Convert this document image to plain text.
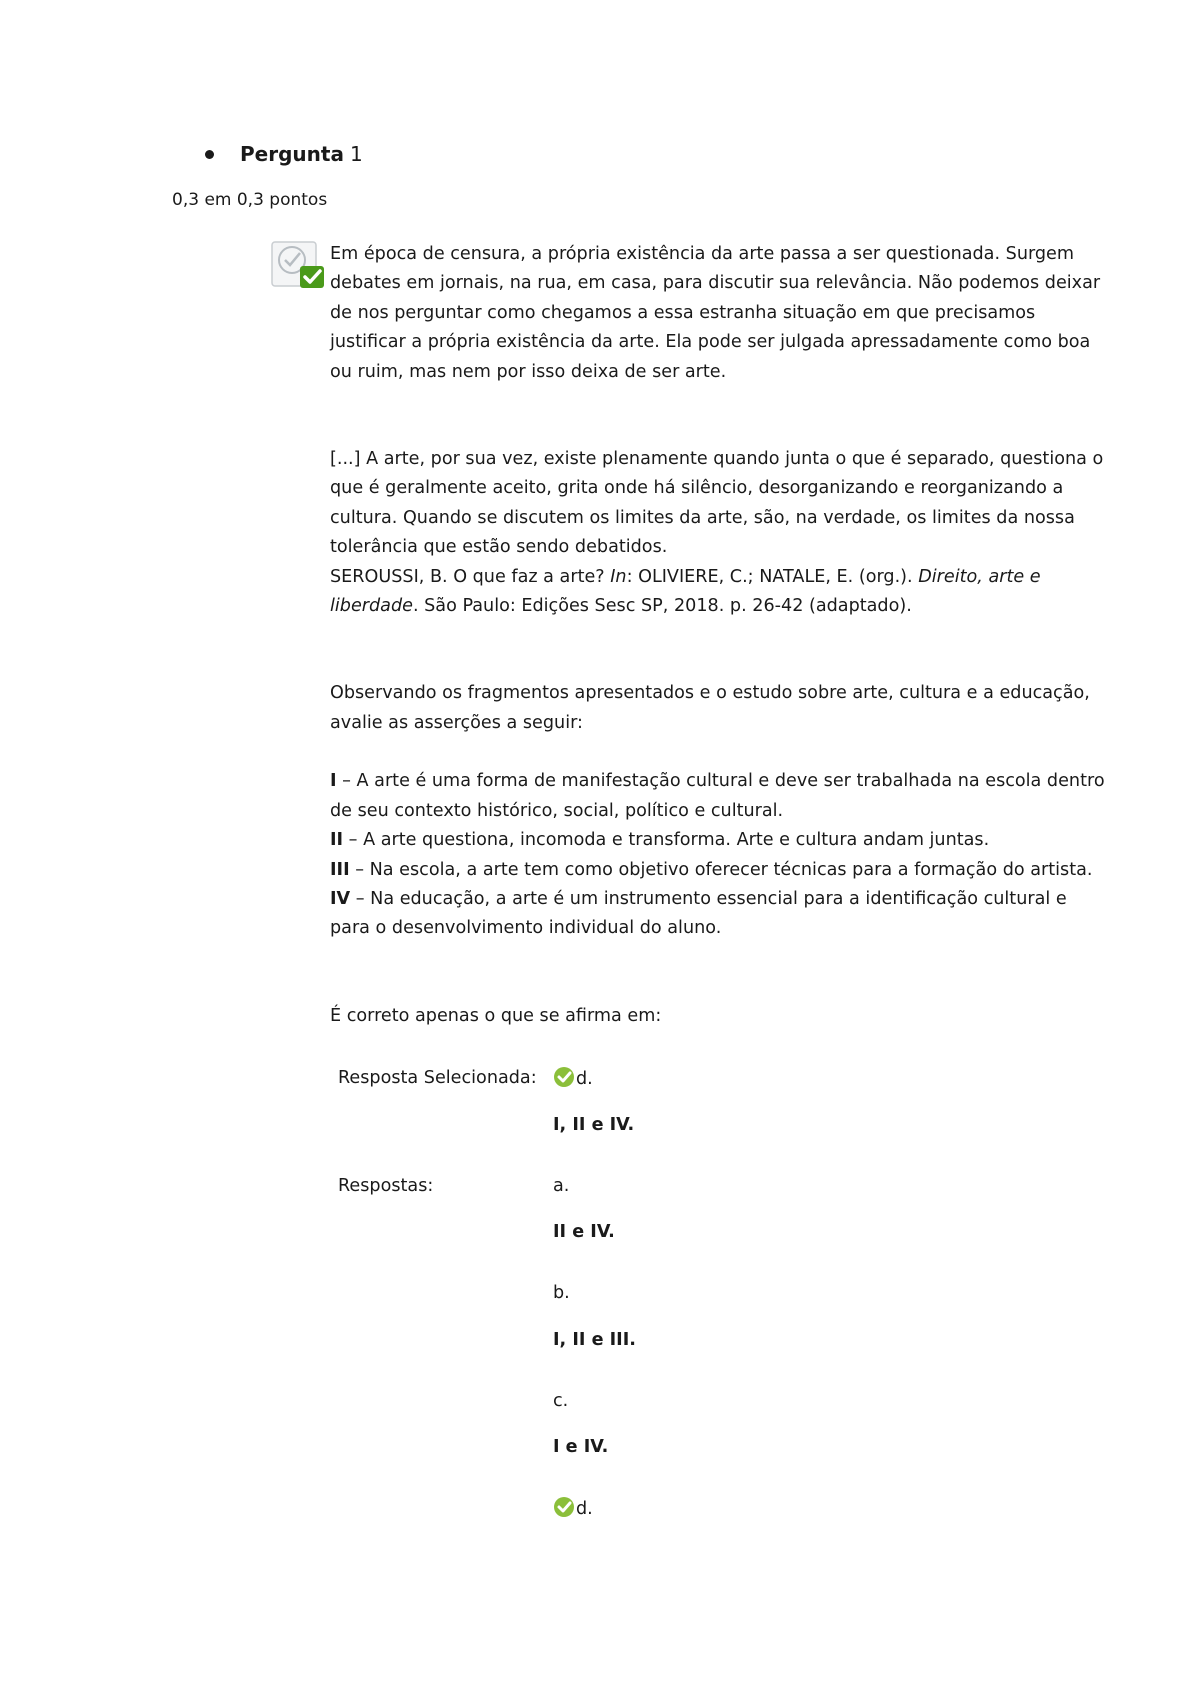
Pergunta 1
0,3 em 0,3 pontos

Em época de censura, a própria existência da arte passa a ser questionada. Surgem debates em jornais, na rua, em casa, para discutir sua relevância. Não podemos deixar de nos perguntar como chegamos a essa estranha situação em que precisamos justificar a própria existência da arte. Ela pode ser julgada apressadamente como boa ou ruim, mas nem por isso deixa de ser arte.

[...] A arte, por sua vez, existe plenamente quando junta o que é separado, questiona o que é geralmente aceito, grita onde há silêncio, desorganizando e reorganizando a cultura. Quando se discutem os limites da arte, são, na verdade, os limites da nossa tolerância que estão sendo debatidos.

SEROUSSI, B. O que faz a arte? In: OLIVIERE, C.; NATALE, E. (org.). Direito, arte e liberdade. São Paulo: Edições Sesc SP, 2018. p. 26-42 (adaptado).

Observando os fragmentos apresentados e o estudo sobre arte, cultura e a educação, avalie as asserções a seguir:

I – A arte é uma forma de manifestação cultural e deve ser trabalhada na escola dentro de seu contexto histórico, social, político e cultural.

II – A arte questiona, incomoda e transforma. Arte e cultura andam juntas.

III – Na escola, a arte tem como objetivo oferecer técnicas para a formação do artista.

IV – Na educação, a arte é um instrumento essencial para a identificação cultural e para o desenvolvimento individual do aluno.

É correto apenas o que se afirma em:

Resposta Selecionada:	d.
I, II e IV.
Respostas:	a.
II e IV.
b.
I, II e III.
c.
I e IV.
d.
